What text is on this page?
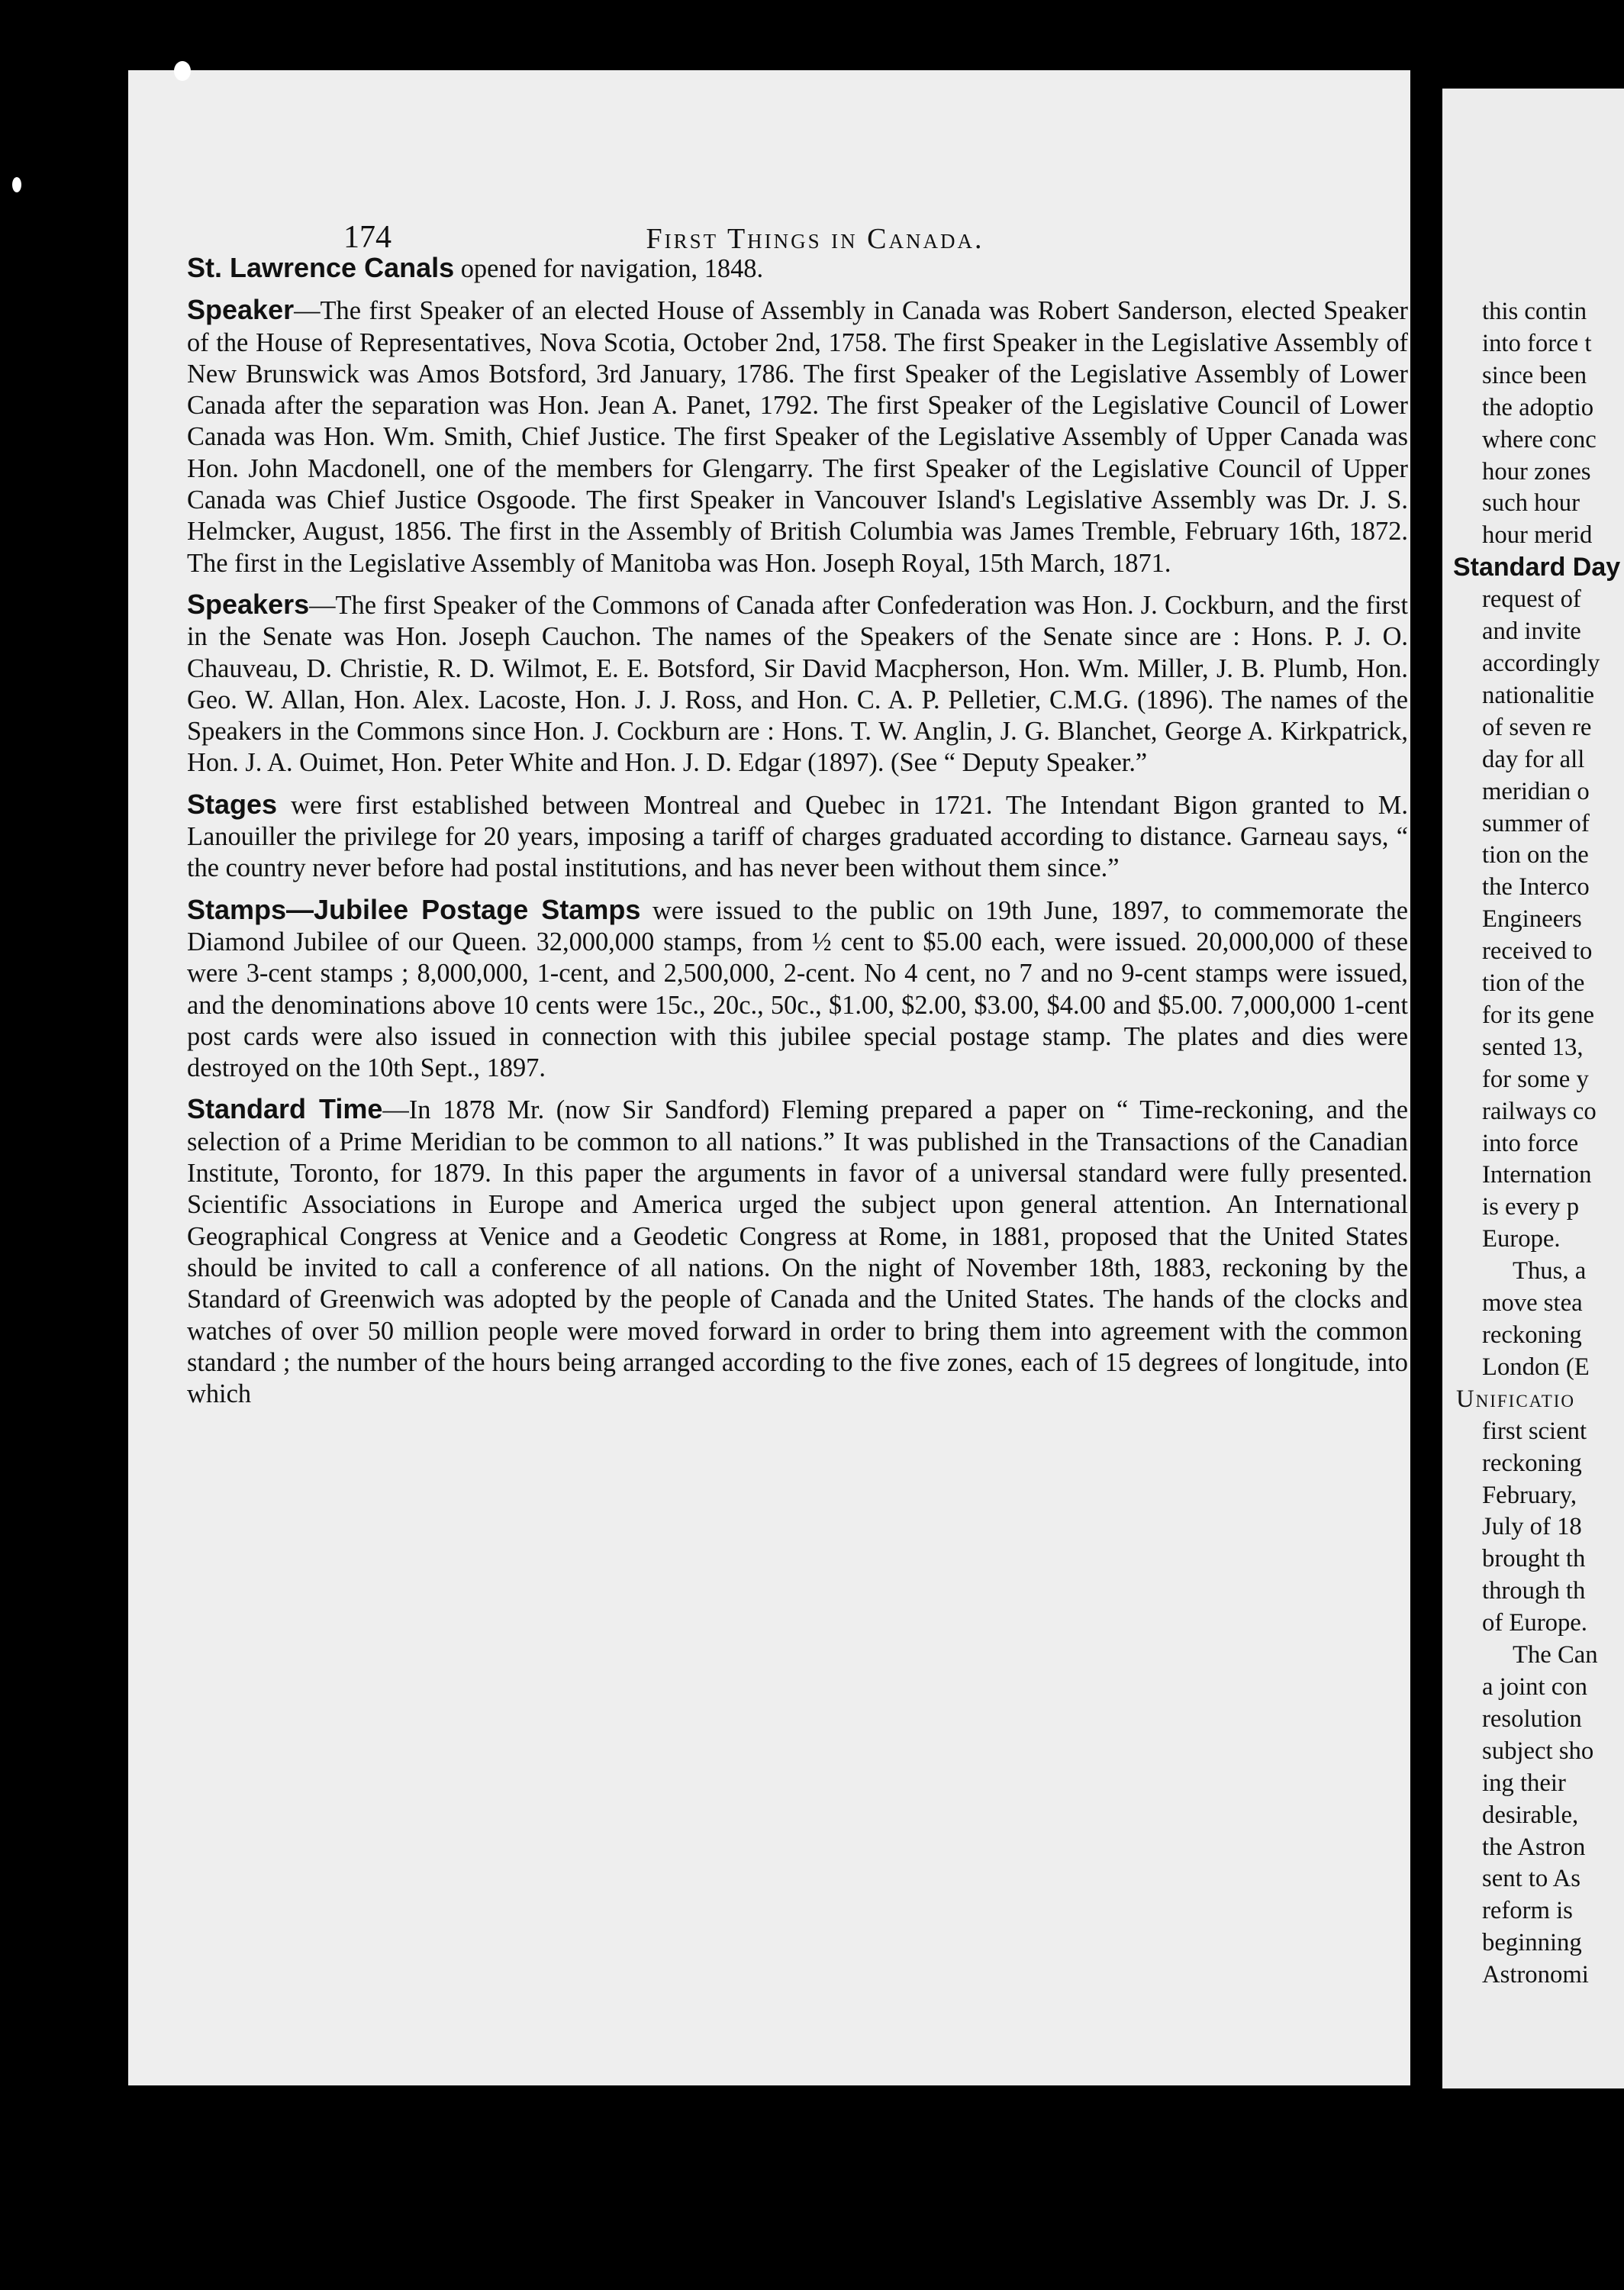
174	First Things in Canada.

St. Lawrence Canals opened for navigation, 1848.

Speaker—The first Speaker of an elected House of Assembly in Canada was Robert Sanderson, elected Speaker of the House of Representatives, Nova Scotia, October 2nd, 1758. The first Speaker in the Legislative Assembly of New Brunswick was Amos Botsford, 3rd January, 1786. The first Speaker of the Legislative Assembly of Lower Canada after the separation was Hon. Jean A. Panet, 1792. The first Speaker of the Legislative Council of Lower Canada was Hon. Wm. Smith, Chief Justice. The first Speaker of the Legislative Assembly of Upper Canada was Hon. John Macdonell, one of the members for Glengarry. The first Speaker of the Legislative Council of Upper Canada was Chief Justice Osgoode. The first Speaker in Vancouver Island's Legislative Assembly was Dr. J. S. Helmcker, August, 1856. The first in the Assembly of British Columbia was James Tremble, February 16th, 1872. The first in the Legislative Assembly of Manitoba was Hon. Joseph Royal, 15th March, 1871.

Speakers—The first Speaker of the Commons of Canada after Confederation was Hon. J. Cockburn, and the first in the Senate was Hon. Joseph Cauchon. The names of the Speakers of the Senate since are : Hons. P. J. O. Chauveau, D. Christie, R. D. Wilmot, E. E. Botsford, Sir David Macpherson, Hon. Wm. Miller, J. B. Plumb, Hon. Geo. W. Allan, Hon. Alex. Lacoste, Hon. J. J. Ross, and Hon. C. A. P. Pelletier, C.M.G. (1896). The names of the Speakers in the Commons since Hon. J. Cockburn are : Hons. T. W. Anglin, J. G. Blanchet, George A. Kirkpatrick, Hon. J. A. Ouimet, Hon. Peter White and Hon. J. D. Edgar (1897). (See “ Deputy Speaker.”

Stages were first established between Montreal and Quebec in 1721. The Intendant Bigon granted to M. Lanouiller the privilege for 20 years, imposing a tariff of charges graduated according to distance. Garneau says, “ the country never before had postal institutions, and has never been without them since.”

Stamps—Jubilee Postage Stamps were issued to the public on 19th June, 1897, to commemorate the Diamond Jubilee of our Queen. 32,000,000 stamps, from ½ cent to $5.00 each, were issued. 20,000,000 of these were 3-cent stamps ; 8,000,000, 1-cent, and 2,500,000, 2-cent. No 4 cent, no 7 and no 9-cent stamps were issued, and the denominations above 10 cents were 15c., 20c., 50c., $1.00, $2.00, $3.00, $4.00 and $5.00. 7,000,000 1-cent post cards were also issued in connection with this jubilee special postage stamp. The plates and dies were destroyed on the 10th Sept., 1897.

Standard Time—In 1878 Mr. (now Sir Sandford) Fleming prepared a paper on “ Time-reckoning, and the selection of a Prime Meridian to be common to all nations.” It was published in the Transactions of the Canadian Institute, Toronto, for 1879. In this paper the arguments in favor of a universal standard were fully presented. Scientific Associations in Europe and America urged the subject upon general attention. An International Geographical Congress at Venice and a Geodetic Congress at Rome, in 1881, proposed that the United States should be invited to call a conference of all nations. On the night of November 18th, 1883, reckoning by the Standard of Greenwich was adopted by the people of Canada and the United States. The hands of the clocks and watches of over 50 million people were moved forward in order to bring them into agreement with the common standard ; the number of the hours being arranged according to the five zones, each of 15 degrees of longitude, into which

this contin
into force t
since been
the adoptio
where conc
hour zones
such hour
hour merid
Standard Day
request of
and invite
accordingly
nationalitie
of seven re
day for all
meridian o
summer of
tion on the
the Interco
Engineers
received to
tion of the
for its gene
sented 13,
for some y
railways co
into force
Internation
is every p
Europe.
Thus, a
move stea
reckoning
London (E
Unificatio
first scient
reckoning
February,
July of 18
brought th
through th
of Europe.
The Can
a joint con
resolution
subject sho
ing their
desirable,
the Astron
sent to As
reform is
beginning
Astronomi
